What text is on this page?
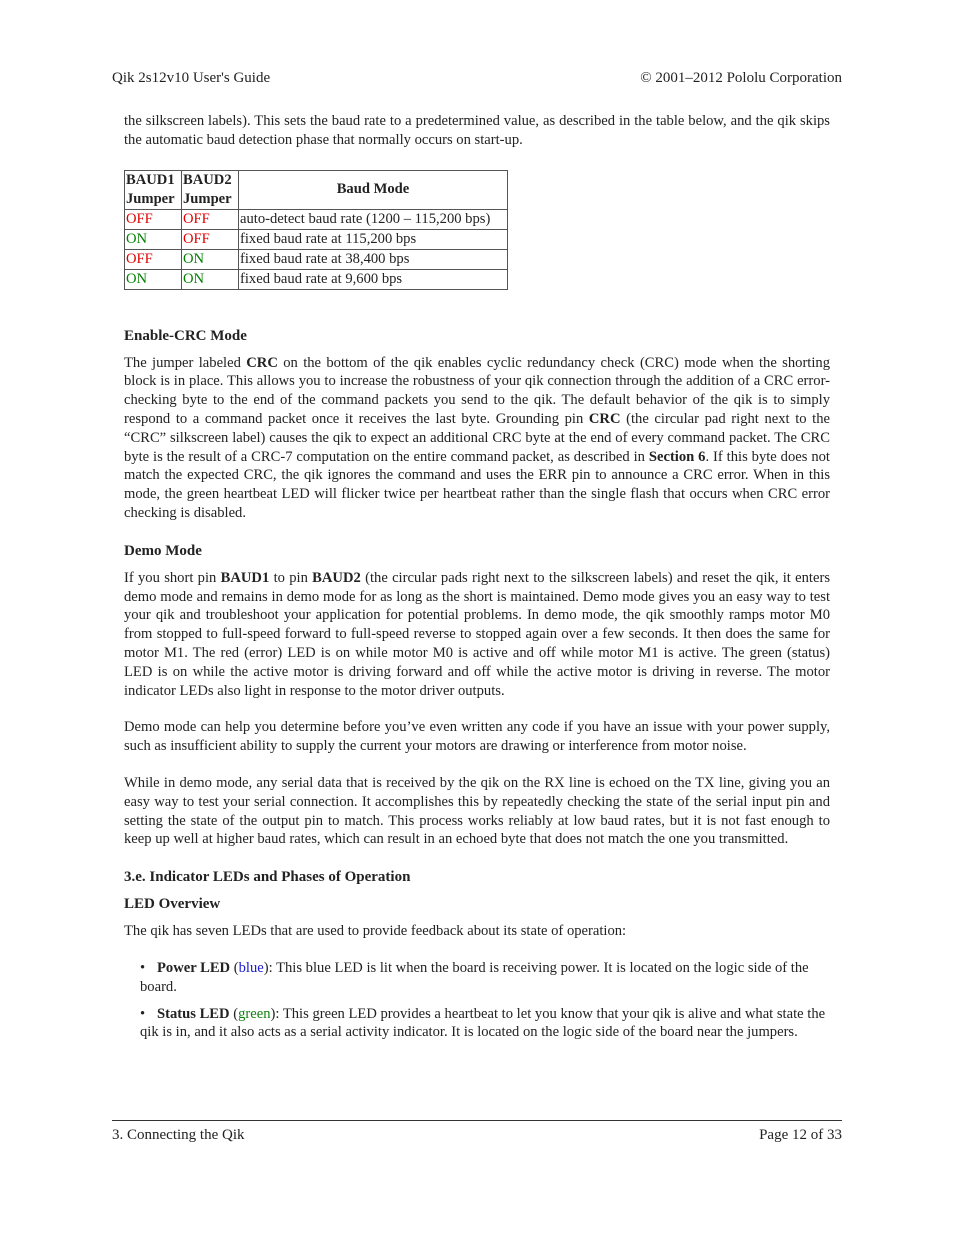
Qik 2s12v10 User's Guide	© 2001–2012 Pololu Corporation

the silkscreen labels). This sets the baud rate to a predetermined value, as described in the table below, and the qik skips the automatic baud detection phase that normally occurs on start-up.

BAUD1 Jumper	BAUD2 Jumper	Baud Mode
OFF	OFF	auto-detect baud rate (1200 – 115,200 bps)
ON	OFF	fixed baud rate at 115,200 bps
OFF	ON	fixed baud rate at 38,400 bps
ON	ON	fixed baud rate at 9,600 bps
Enable-CRC Mode

The jumper labeled CRC on the bottom of the qik enables cyclic redundancy check (CRC) mode when the shorting block is in place. This allows you to increase the robustness of your qik connection through the addition of a CRC error-checking byte to the end of the command packets you send to the qik. The default behavior of the qik is to simply respond to a command packet once it receives the last byte. Grounding pin CRC (the circular pad right next to the “CRC” silkscreen label) causes the qik to expect an additional CRC byte at the end of every command packet. The CRC byte is the result of a CRC-7 computation on the entire command packet, as described in Section 6. If this byte does not match the expected CRC, the qik ignores the command and uses the ERR pin to announce a CRC error. When in this mode, the green heartbeat LED will flicker twice per heartbeat rather than the single flash that occurs when CRC error checking is disabled.

Demo Mode

If you short pin BAUD1 to pin BAUD2 (the circular pads right next to the silkscreen labels) and reset the qik, it enters demo mode and remains in demo mode for as long as the short is maintained. Demo mode gives you an easy way to test your qik and troubleshoot your application for potential problems. In demo mode, the qik smoothly ramps motor M0 from stopped to full-speed forward to full-speed reverse to stopped again over a few seconds. It then does the same for motor M1. The red (error) LED is on while motor M0 is active and off while motor M1 is active. The green (status) LED is on while the active motor is driving forward and off while the active motor is driving in reverse. The motor indicator LEDs also light in response to the motor driver outputs.

Demo mode can help you determine before you’ve even written any code if you have an issue with your power supply, such as insufficient ability to supply the current your motors are drawing or interference from motor noise.

While in demo mode, any serial data that is received by the qik on the RX line is echoed on the TX line, giving you an easy way to test your serial connection. It accomplishes this by repeatedly checking the state of the serial input pin and setting the state of the output pin to match. This process works reliably at low baud rates, but it is not fast enough to keep up well at higher baud rates, which can result in an echoed byte that does not match the one you transmitted.

3.e. Indicator LEDs and Phases of Operation
LED Overview

The qik has seven LEDs that are used to provide feedback about its state of operation:

• Power LED (blue): This blue LED is lit when the board is receiving power. It is located on the logic side of the board.
• Status LED (green): This green LED provides a heartbeat to let you know that your qik is alive and what state the qik is in, and it also acts as a serial activity indicator. It is located on the logic side of the board near the jumpers.
3. Connecting the Qik	Page 12 of 33
